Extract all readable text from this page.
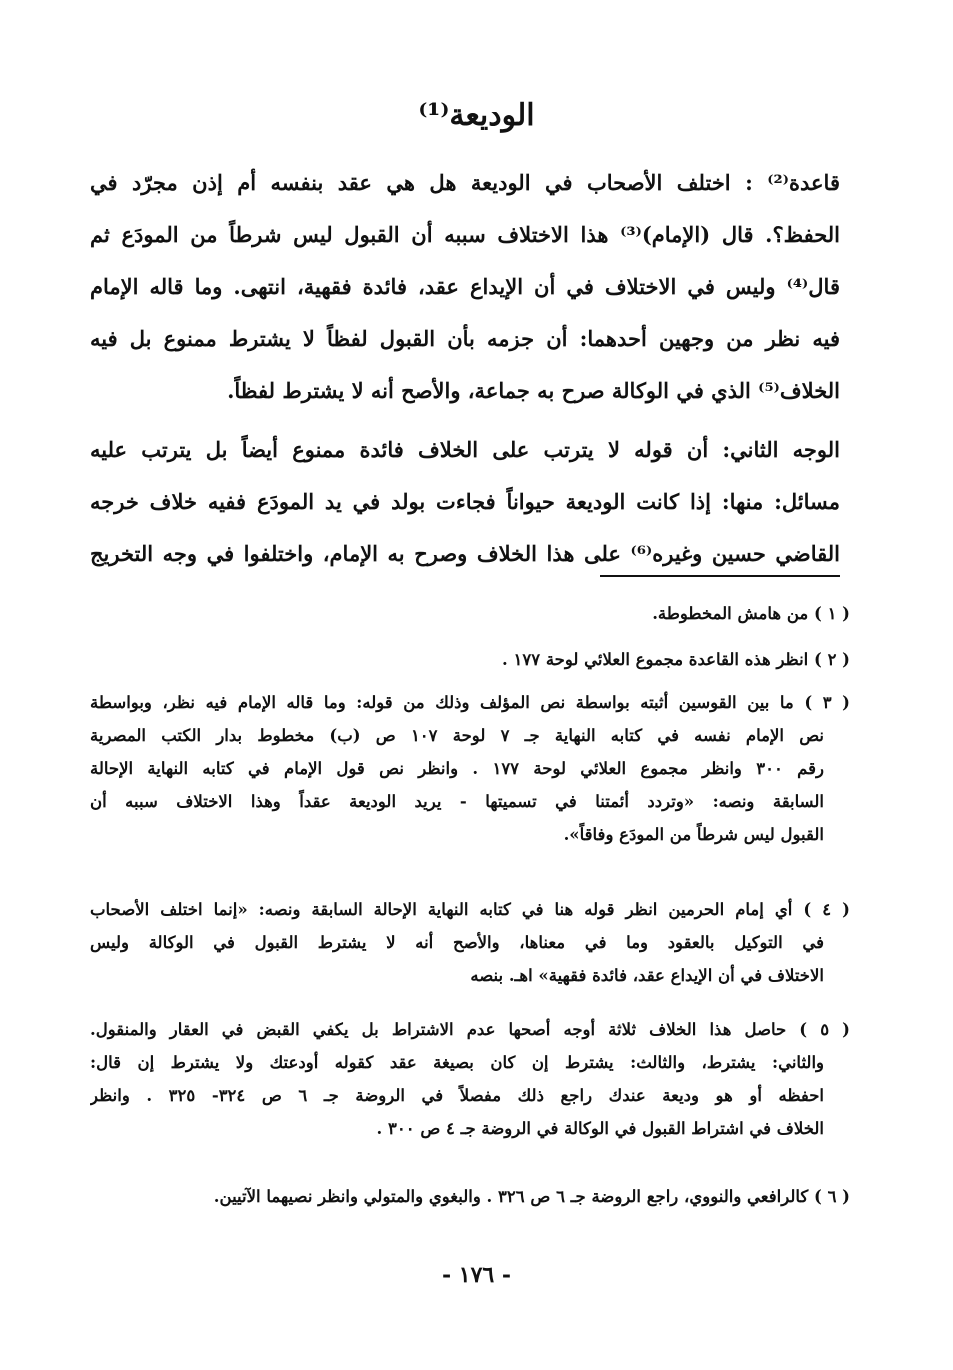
الوديعة⁽¹⁾
قاعدة⁽²⁾ : اختلف الأصحاب في الوديعة هل هي عقد بنفسه أم إذن مجرّد في
الحفظ؟. قال (الإمام)⁽³⁾ هذا الاختلاف سببه أن القبول ليس شرطاً من المودَع ثم
قال⁽⁴⁾ وليس في الاختلاف في أن الإيداع عقد، فائدة فقهية، انتهى. وما قاله الإمام
فيه نظر من وجهين أحدهما: أن جزمه بأن القبول لفظاً لا يشترط ممنوع بل فيه
الخلاف⁽⁵⁾ الذي في الوكالة صرح به جماعة، والأصح أنه لا يشترط لفظاً.
الوجه الثاني: أن قوله لا يترتب على الخلاف فائدة ممنوع أيضاً بل يترتب عليه
مسائل: منها: إذا كانت الوديعة حيواناً فجاءت بولد في يد المودَع ففيه خلاف خرجه
القاضي حسين وغيره⁽⁶⁾ على هذا الخلاف وصرح به الإمام، واختلفوا في وجه التخريج
( ١ ) من هامش المخطوطة.
( ٢ ) انظر هذه القاعدة مجموع العلائي لوحة ١٧٧ .
( ٣ ) ما بين القوسين أثبته بواسطة نص المؤلف وذلك من قوله: وما قاله الإمام فيه نظر، وبواسطة
نص الإمام نفسه في كتابه النهاية جـ ٧ لوحة ١٠٧ ص (ب) مخطوط بدار الكتب المصرية
رقم ٣٠٠ وانظر مجموع العلائي لوحة ١٧٧ . وانظر نص قول الإمام في كتابه النهاية الإحالة
السابقة ونصه: «وتردد أئمتنا في تسميتها - يريد الوديعة عقداً وهذا الاختلاف سببه أن
القبول ليس شرطاً من المودَع وفاقاً».
( ٤ ) أي إمام الحرمين انظر قوله هنا في كتابه النهاية الإحالة السابقة ونصه: «إنما اختلف الأصحاب
في التوكيل بالعقود وما في معناها، والأصح أنه لا يشترط القبول في الوكالة وليس
الاختلاف في أن الإيداع عقد، فائدة فقهية» اهـ. بنصه
( ٥ ) حاصل هذا الخلاف ثلاثة أوجه أصحها عدم الاشتراط بل يكفي القبض في العقار والمنقول.
والثاني: يشترط، والثالث: يشترط إن كان بصيغة عقد كقوله أودعتك ولا يشترط إن قال:
احفظه أو هو وديعة عندك راجع ذلك مفصلاً في الروضة جـ ٦ ص ٣٢٤- ٣٢٥ . وانظر
الخلاف في اشتراط القبول في الوكالة في الروضة جـ ٤ ص ٣٠٠ .
( ٦ ) كالرافعي والنووي، راجع الروضة جـ ٦ ص ٣٢٦ . والبغوي والمتولي وانظر نصيهما الآتيين.
- ١٧٦ -
